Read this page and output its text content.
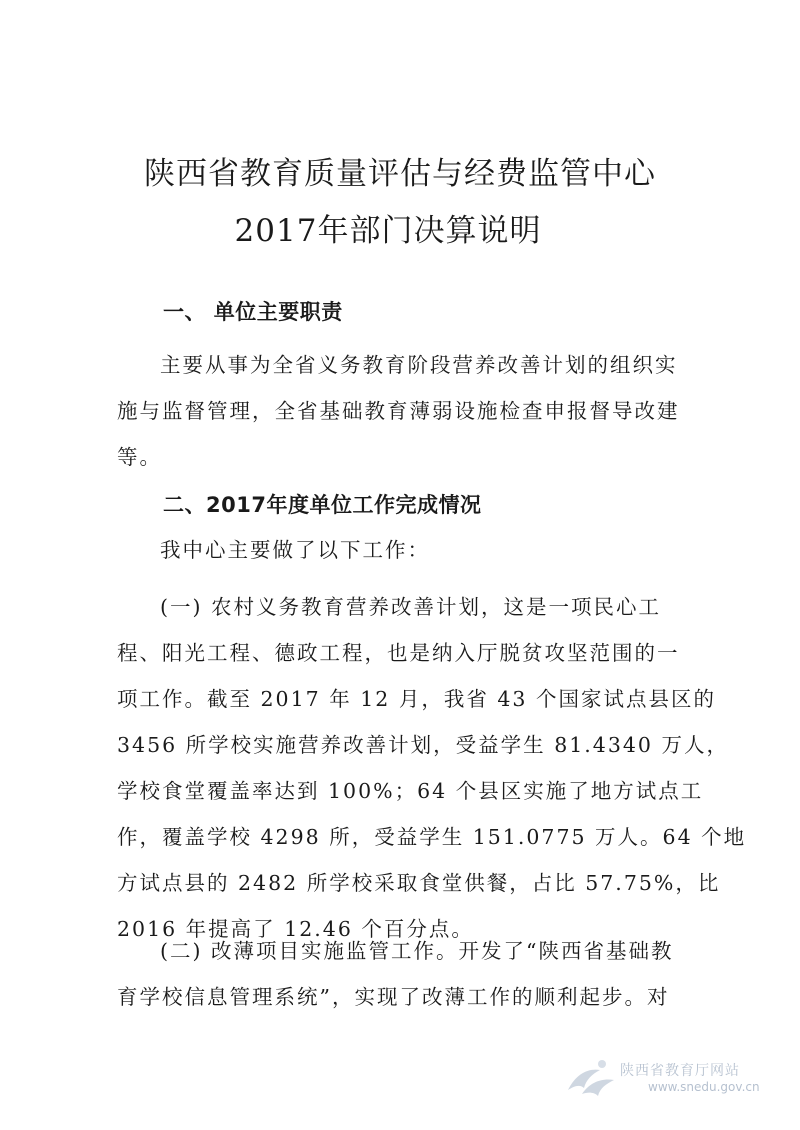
陕西省教育质量评估与经费监管中心
2017年部门决算说明
一、 单位主要职责
主要从事为全省义务教育阶段营养改善计划的组织实
施与监督管理，全省基础教育薄弱设施检查申报督导改建
等。
二、2017年度单位工作完成情况
我中心主要做了以下工作：
(一) 农村义务教育营养改善计划，这是一项民心工
程、阳光工程、德政工程，也是纳入厅脱贫攻坚范围的一
项工作。截至 2017 年 12 月，我省 43 个国家试点县区的
3456 所学校实施营养改善计划，受益学生 81.4340 万人，
学校食堂覆盖率达到 100%；64 个县区实施了地方试点工
作，覆盖学校 4298 所，受益学生 151.0775 万人。64 个地
方试点县的 2482 所学校采取食堂供餐，占比 57.75%，比
2016 年提高了 12.46 个百分点。
(二) 改薄项目实施监管工作。开发了“陕西省基础教
育学校信息管理系统”，实现了改薄工作的顺利起步。对
陕西省教育厅网站
www.snedu.gov.cn
